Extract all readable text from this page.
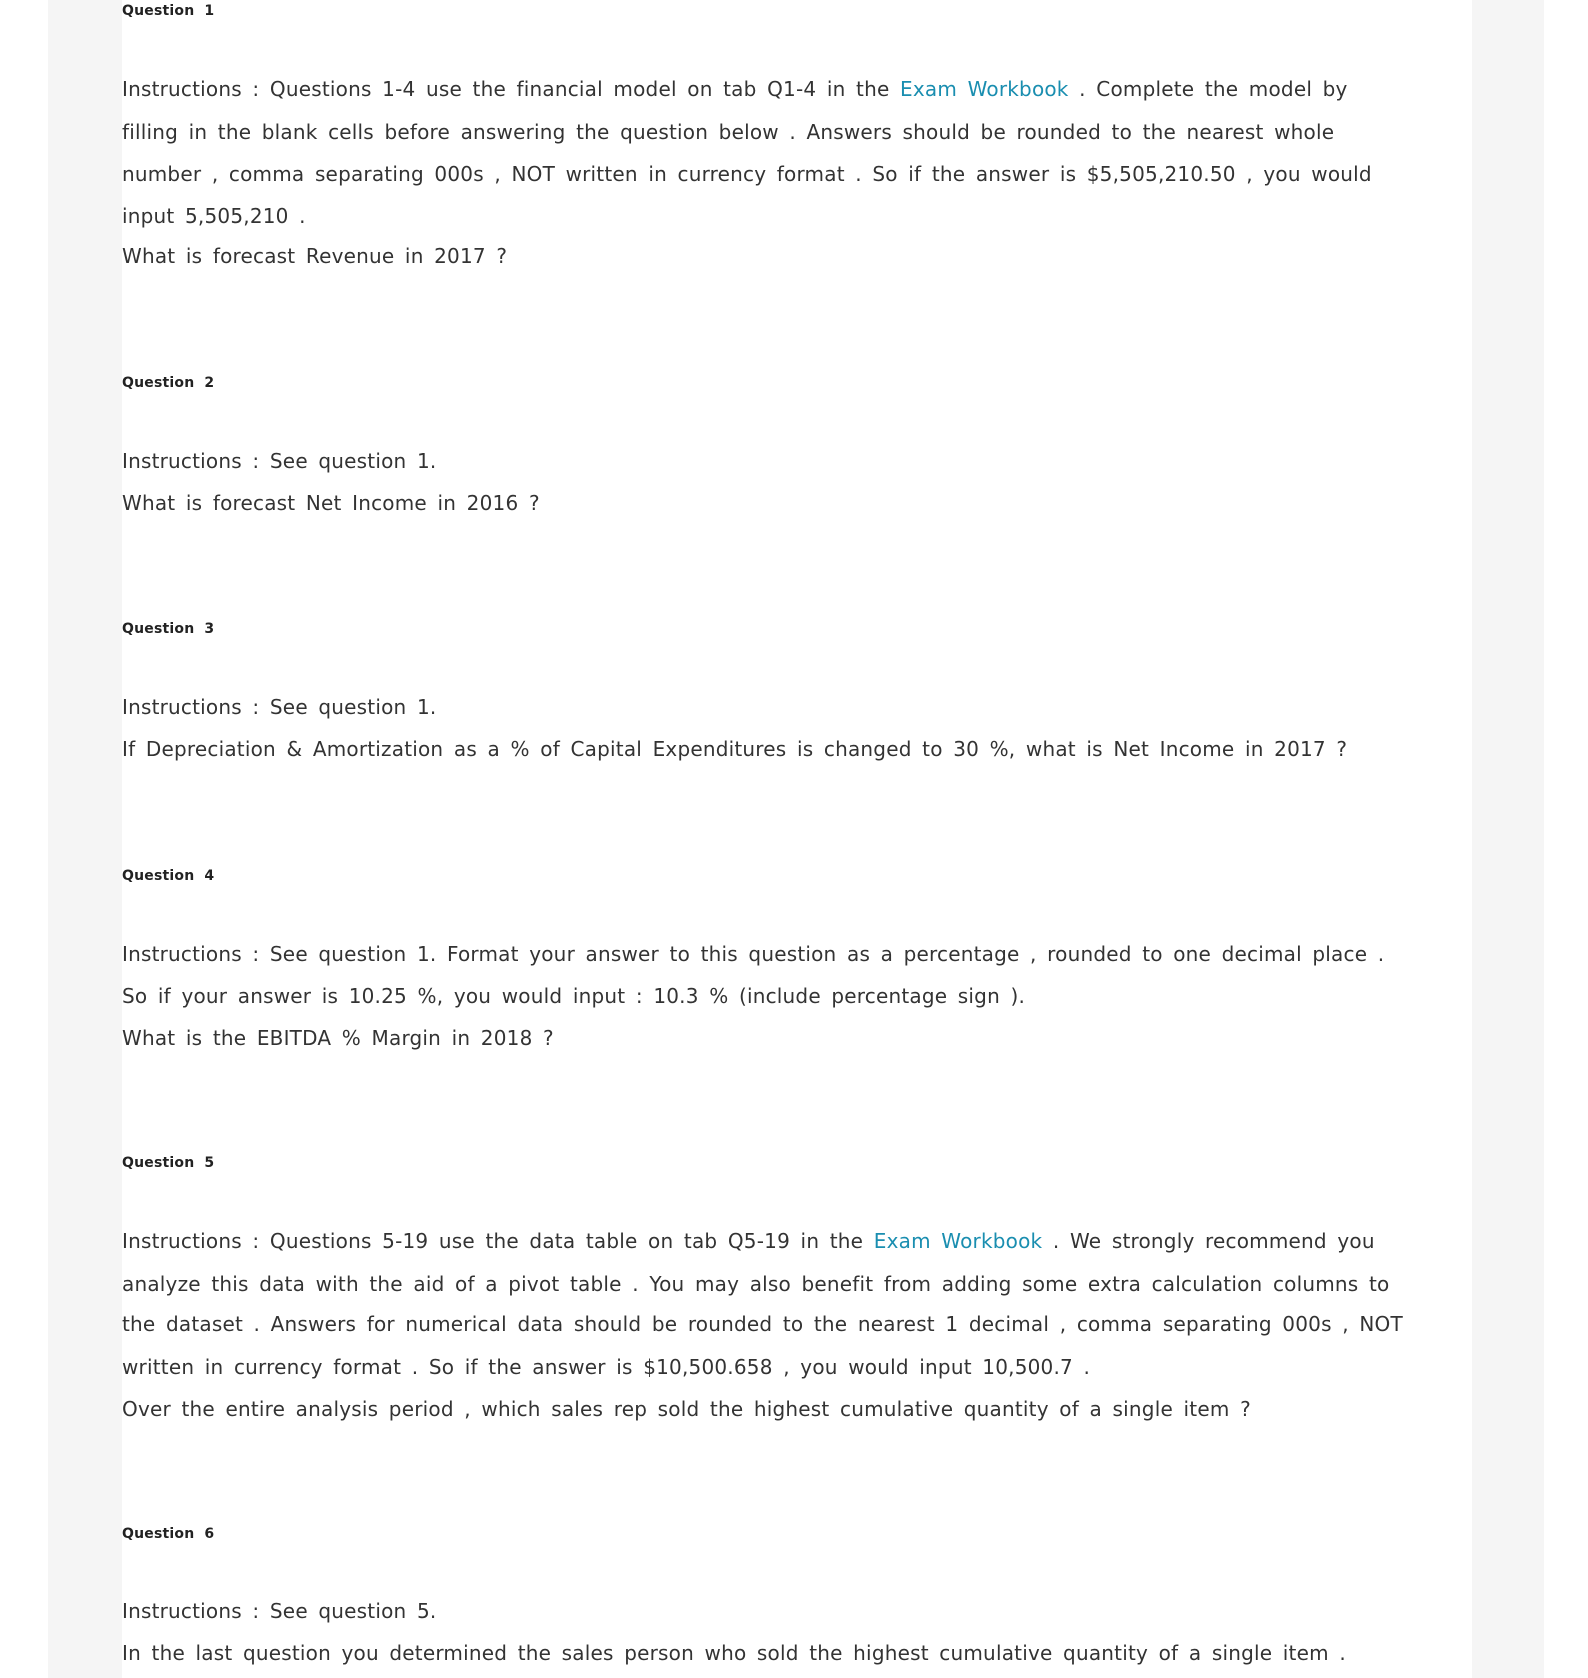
Question 1
Instructions : Questions 1-4 use the financial model on tab Q1-4 in the Exam Workbook . Complete the model by
filling in the blank cells before answering the question below . Answers should be rounded to the nearest whole
number , comma separating 000s , NOT written in currency format . So if the answer is $5,505,210.50 , you would
input 5,505,210 .
What is forecast Revenue in 2017 ?
Question 2
Instructions : See question 1.
What is forecast Net Income in 2016 ?
Question 3
Instructions : See question 1.
If Depreciation & Amortization as a % of Capital Expenditures is changed to 30 %, what is Net Income in 2017 ?
Question 4
Instructions : See question 1. Format your answer to this question as a percentage , rounded to one decimal place .
So if your answer is 10.25 %, you would input : 10.3 % (include percentage sign ).
What is the EBITDA % Margin in 2018 ?
Question 5
Instructions : Questions 5-19 use the data table on tab Q5-19 in the Exam Workbook . We strongly recommend you
analyze this data with the aid of a pivot table . You may also benefit from adding some extra calculation columns to
the dataset . Answers for numerical data should be rounded to the nearest 1 decimal , comma separating 000s , NOT
written in currency format . So if the answer is $10,500.658 , you would input 10,500.7 .
Over the entire analysis period , which sales rep sold the highest cumulative quantity of a single item ?
Question 6
Instructions : See question 5.
In the last question you determined the sales person who sold the highest cumulative quantity of a single item .
